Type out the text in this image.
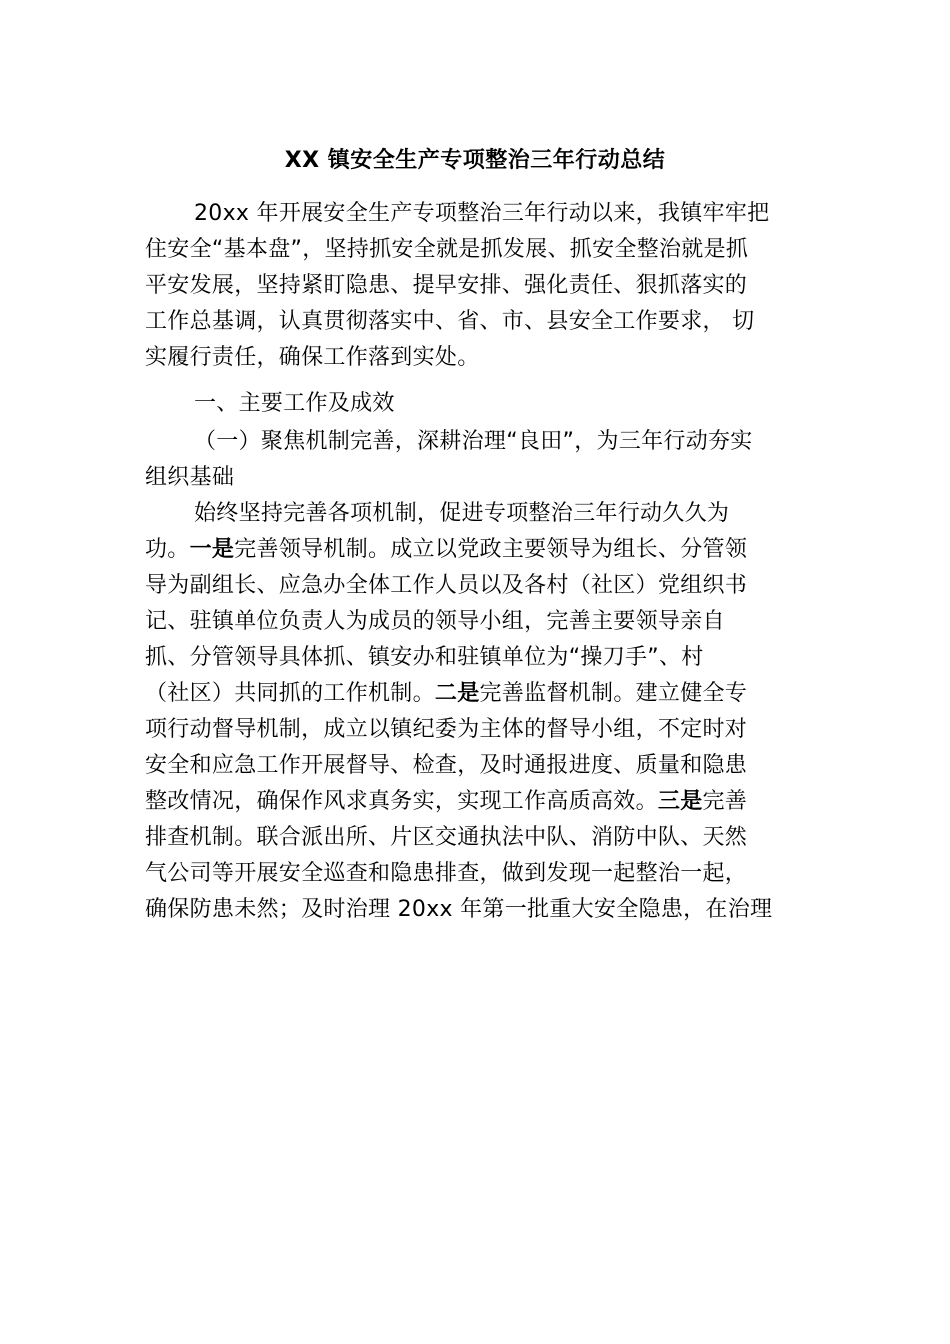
XX 镇安全生产专项整治三年行动总结
20xx 年开展安全生产专项整治三年行动以来，我镇牢牢把
住安全“基本盘”，坚持抓安全就是抓发展、抓安全整治就是抓
平安发展，坚持紧盯隐患、提早安排、强化责任、狠抓落实的
工作总基调，认真贯彻落实中、省、市、县安全工作要求， 切
实履行责任，确保工作落到实处。
一、主要工作及成效
（一）聚焦机制完善，深耕治理“良田”，为三年行动夯实
组织基础
始终坚持完善各项机制，促进专项整治三年行动久久为
功。一是完善领导机制。成立以党政主要领导为组长、分管领
导为副组长、应急办全体工作人员以及各村（社区）党组织书
记、驻镇单位负责人为成员的领导小组，完善主要领导亲自
抓、分管领导具体抓、镇安办和驻镇单位为“操刀手”、村
（社区）共同抓的工作机制。二是完善监督机制。建立健全专
项行动督导机制，成立以镇纪委为主体的督导小组，不定时对
安全和应急工作开展督导、检查，及时通报进度、质量和隐患
整改情况，确保作风求真务实，实现工作高质高效。三是完善
排查机制。联合派出所、片区交通执法中队、消防中队、天然
气公司等开展安全巡查和隐患排查，做到发现一起整治一起，
确保防患未然；及时治理 20xx 年第一批重大安全隐患，在治理
